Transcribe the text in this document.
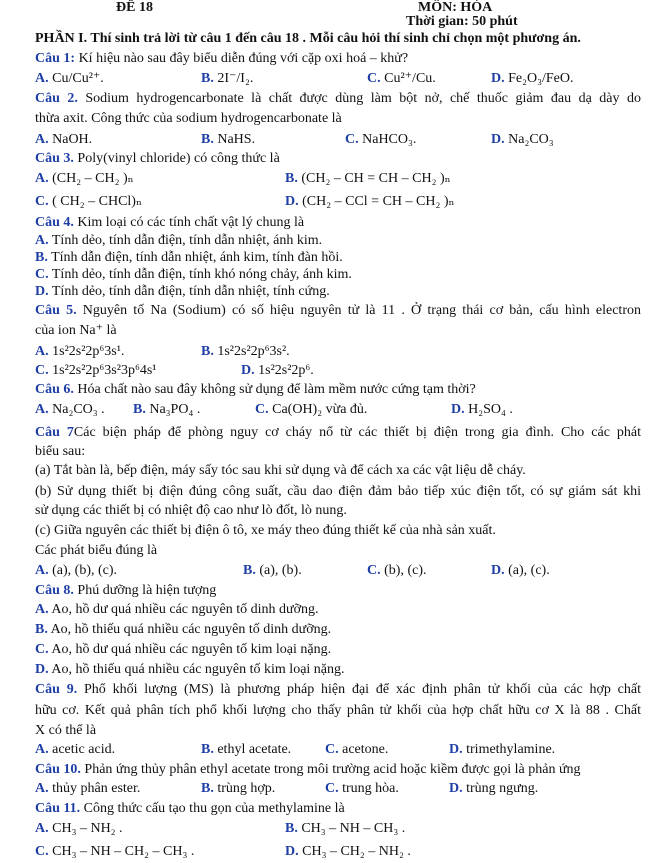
ĐỀ 18	MÔN: HÓA
Thời gian: 50 phút
PHẦN I. Thí sinh trả lời từ câu 1 đến câu 18 . Mỗi câu hỏi thí sinh chỉ chọn một phương án.
Câu 1: Kí hiệu nào sau đây biểu diễn đúng với cặp oxi hoá – khử?
A. Cu/Cu²⁺.	B. 2I⁻/I₂.	C. Cu²⁺/Cu.	D. Fe₂O₃/FeO.
Câu 2. Sodium hydrogencarbonate là chất được dùng làm bột nở, chế thuốc giảm đau dạ dày do
thừa axit. Công thức của sodium hydrogencarbonate là
A. NaOH.	B. NaHS.	C. NaHCO₃.	D. Na₂CO₃
Câu 3. Poly(vinyl chloride) có công thức là
A. (CH₂ – CH₂ )ₙ	B. (CH₂ – CH = CH – CH₂ )ₙ
C. ( CH₂ – CHCl)ₙ	D. (CH₂ – CCl = CH – CH₂ )ₙ
Câu 4. Kim loại có các tính chất vật lý chung là
A. Tính dẻo, tính dẫn điện, tính dẫn nhiệt, ánh kim.
B. Tính dẫn điện, tính dẫn nhiệt, ánh kim, tính đàn hồi.
C. Tính dẻo, tính dẫn điện, tính khó nóng chảy, ánh kim.
D. Tính dẻo, tính dẫn điện, tính dẫn nhiệt, tính cứng.
Câu 5. Nguyên tố Na (Sodium) có số hiệu nguyên tử là 11 . Ở trạng thái cơ bản, cấu hình electron
của ion Na⁺ là
A. 1s²2s²2p⁶3s¹.	B. 1s²2s²2p⁶3s².
C. 1s²2s²2p⁶3s²3p⁶4s¹	D. 1s²2s²2p⁶.
Câu 6. Hóa chất nào sau đây không sử dụng để làm mềm nước cứng tạm thời?
A. Na₂CO₃ . B. Na₃PO₄ .	C. Ca(OH)₂ vừa đủ.	D. H₂SO₄ .
Câu 7Các biện pháp để phòng nguy cơ cháy nổ từ các thiết bị điện trong gia đình. Cho các phát
biểu sau:
(a) Tắt bàn là, bếp điện, máy sấy tóc sau khi sử dụng và để cách xa các vật liệu dễ cháy.
(b) Sử dụng thiết bị điện đúng công suất, cầu dao điện đảm bảo tiếp xúc điện tốt, có sự giám sát khi
sử dụng các thiết bị có nhiệt độ cao như lò đốt, lò nung.
(c) Giữa nguyên các thiết bị điện ô tô, xe máy theo đúng thiết kế của nhà sản xuất.
Các phát biểu đúng là
A. (a), (b), (c).	B. (a), (b).	C. (b), (c).	D. (a), (c).
Câu 8. Phú dưỡng là hiện tượng
A. Ao, hồ dư quá nhiều các nguyên tố dinh dưỡng.
B. Ao, hồ thiếu quá nhiều các nguyên tố dinh dưỡng.
C. Ao, hồ dư quá nhiều các nguyên tố kim loại nặng.
D. Ao, hồ thiếu quá nhiều các nguyên tố kim loại nặng.
Câu 9. Phổ khối lượng (MS) là phương pháp hiện đại để xác định phân tử khối của các hợp chất
hữu cơ. Kết quả phân tích phổ khối lượng cho thấy phân tử khối của hợp chất hữu cơ X là 88 . Chất
X có thể là
A. acetic acid.	B. ethyl acetate. C. acetone.	D. trimethylamine.
Câu 10. Phản ứng thủy phân ethyl acetate trong môi trường acid hoặc kiềm được gọi là phản ứng
A. thủy phân ester.	B. trùng hợp.	C. trung hòa.	D. trùng ngưng.
Câu 11. Công thức cấu tạo thu gọn của methylamine là
A. CH₃ – NH₂ .	B. CH₃ – NH – CH₃ .
C. CH₃ – NH – CH₂ – CH₃ .	D. CH₃ – CH₂ – NH₂ .
